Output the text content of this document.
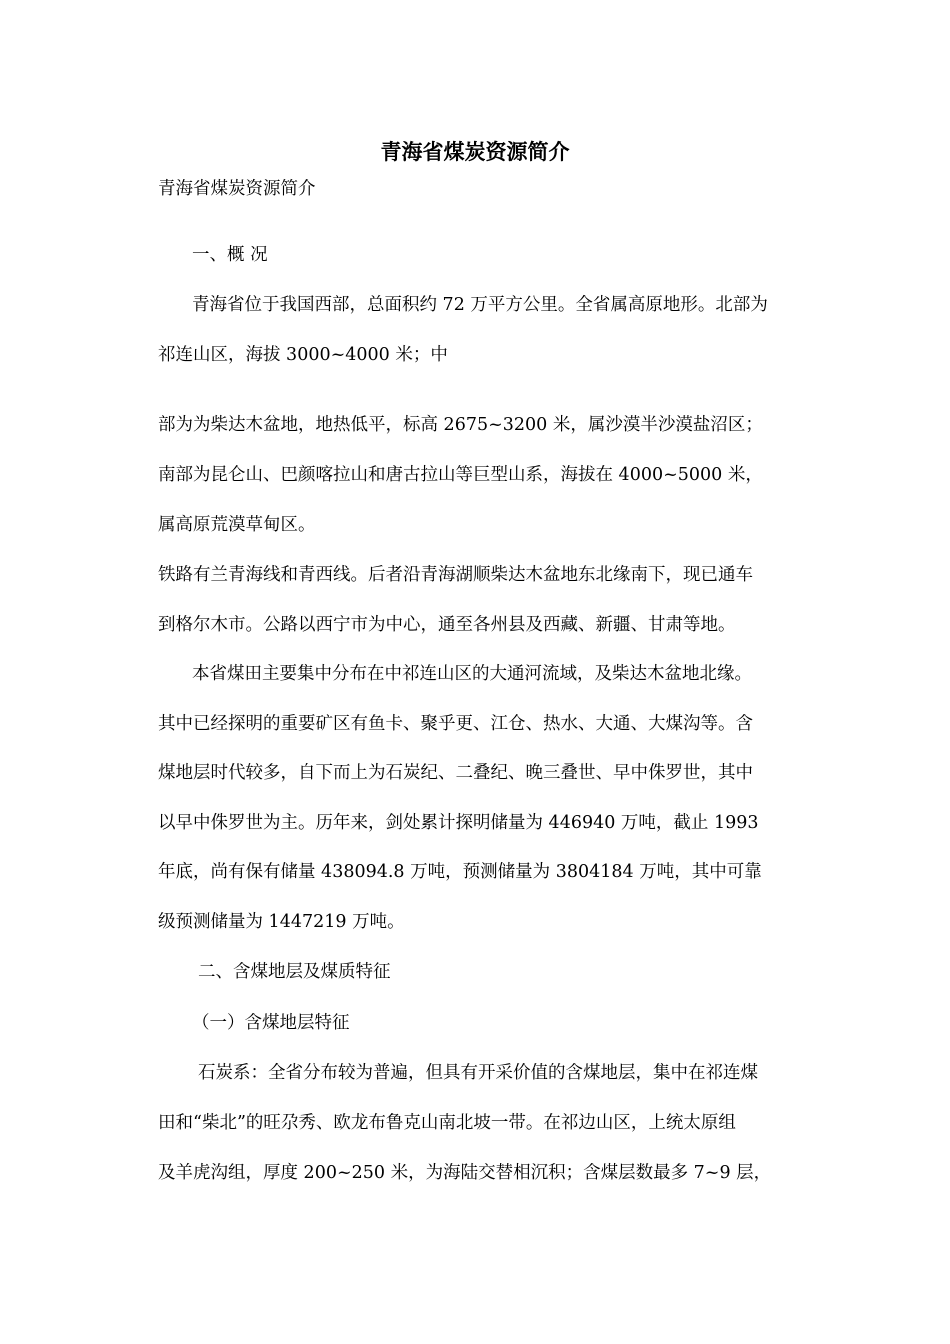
青海省煤炭资源简介
青海省煤炭资源简介
一、概 况
青海省位于我国西部，总面积约 72 万平方公里。全省属高原地形。北部为
祁连山区，海拔 3000~4000 米；中
部为为柴达木盆地，地热低平，标高 2675~3200 米，属沙漠半沙漠盐沼区；
南部为昆仑山、巴颜喀拉山和唐古拉山等巨型山系，海拔在 4000~5000 米，
属高原荒漠草甸区。
铁路有兰青海线和青西线。后者沿青海湖顺柴达木盆地东北缘南下，现已通车
到格尔木市。公路以西宁市为中心，通至各州县及西藏、新疆、甘肃等地。
本省煤田主要集中分布在中祁连山区的大通河流域，及柴达木盆地北缘。
其中已经探明的重要矿区有鱼卡、聚乎更、江仓、热水、大通、大煤沟等。含
煤地层时代较多，自下而上为石炭纪、二叠纪、晚三叠世、早中侏罗世，其中
以早中侏罗世为主。历年来，剑处累计探明储量为 446940 万吨，截止 1993
年底，尚有保有储量 438094.8 万吨，预测储量为 3804184 万吨，其中可靠
级预测储量为 1447219 万吨。
二、含煤地层及煤质特征
（一）含煤地层特征
石炭系：全省分布较为普遍，但具有开采价值的含煤地层，集中在祁连煤
田和“柴北”的旺尕秀、欧龙布鲁克山南北坡一带。在祁边山区，上统太原组
及羊虎沟组，厚度 200~250 米，为海陆交替相沉积；含煤层数最多 7~9 层，
